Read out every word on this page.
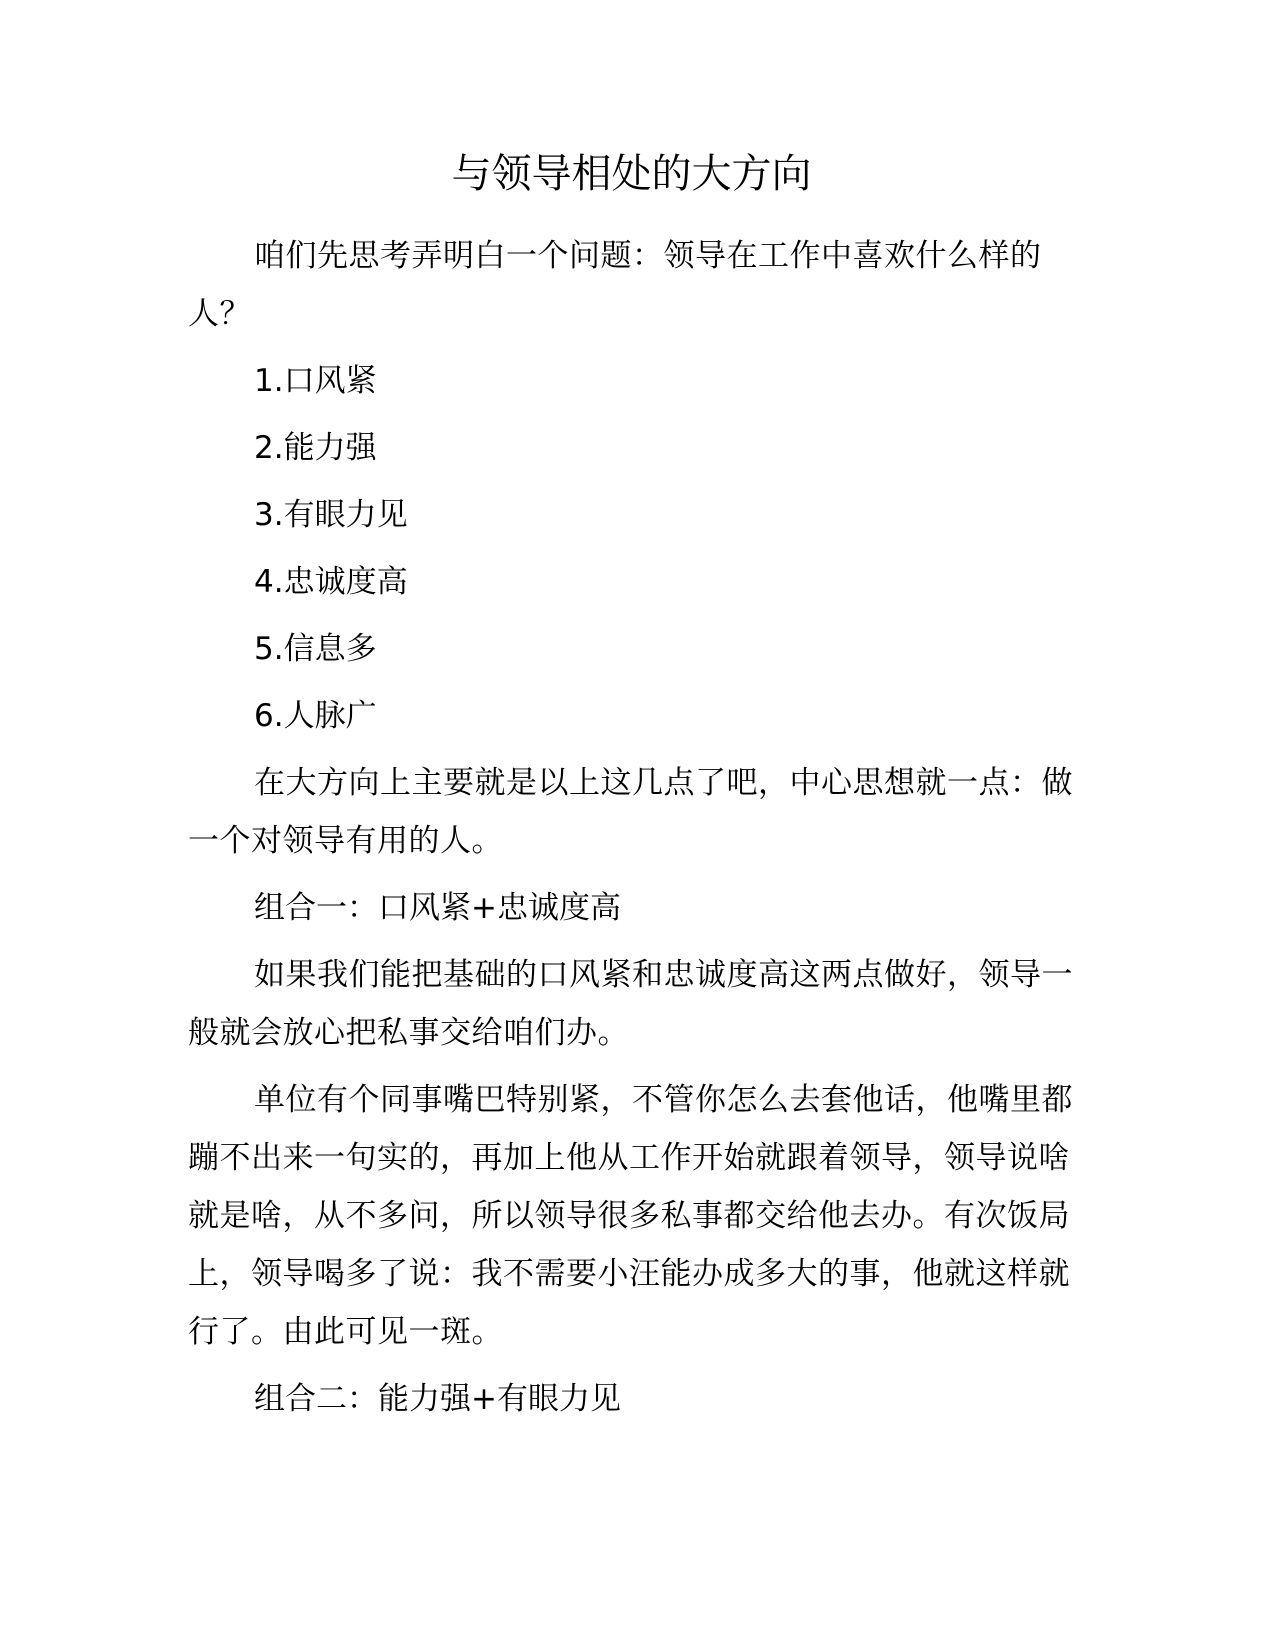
与领导相处的大方向

咱们先思考弄明白一个问题：领导在工作中喜欢什么样的人？

1.口风紧

2.能力强

3.有眼力见

4.忠诚度高

5.信息多

6.人脉广

在大方向上主要就是以上这几点了吧，中心思想就一点：做一个对领导有用的人。

组合一：口风紧+忠诚度高

如果我们能把基础的口风紧和忠诚度高这两点做好，领导一般就会放心把私事交给咱们办。

单位有个同事嘴巴特别紧，不管你怎么去套他话，他嘴里都蹦不出来一句实的，再加上他从工作开始就跟着领导，领导说啥就是啥，从不多问，所以领导很多私事都交给他去办。有次饭局上，领导喝多了说：我不需要小汪能办成多大的事，他就这样就行了。由此可见一斑。

组合二：能力强+有眼力见
